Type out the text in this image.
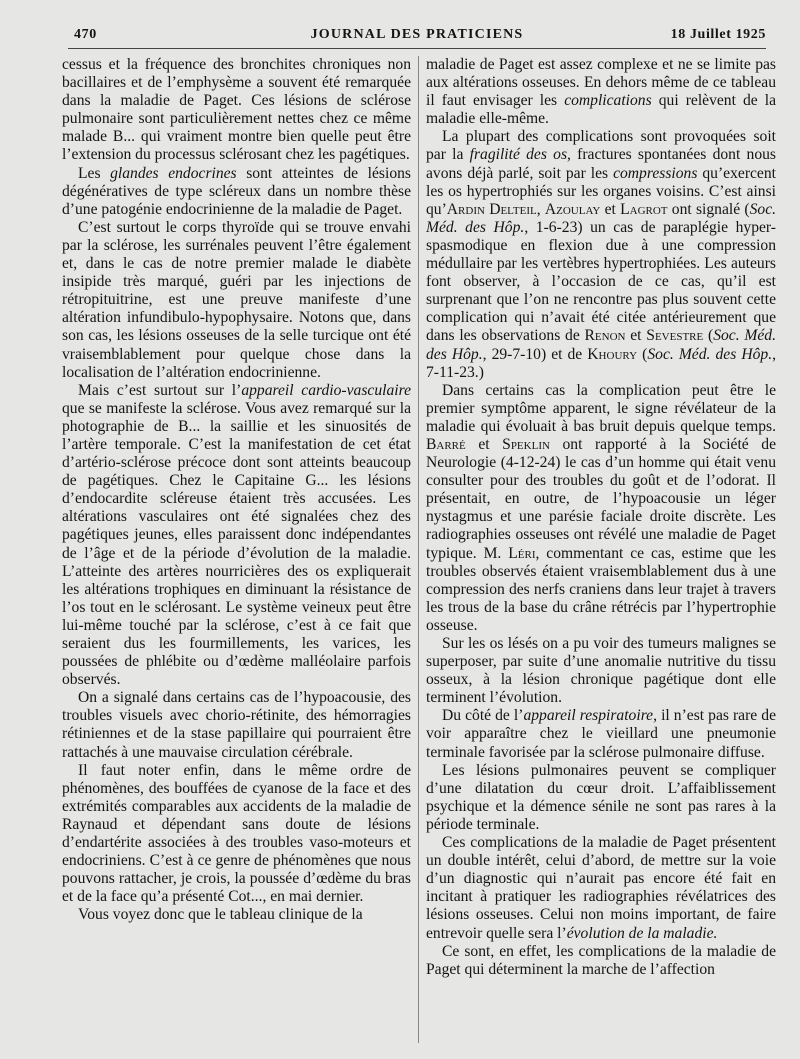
470	JOURNAL DES PRATICIENS	18 Juillet 1925

cessus et la fréquence des bronchites chroniques non bacillaires et de l’emphysème a souvent été remarquée dans la maladie de Paget. Ces lésions de sclérose pulmonaire sont particulièrement nettes chez ce même malade B... qui vraiment montre bien quelle peut être l’extension du processus sclérosant chez les pagétiques.

Les glandes endocrines sont atteintes de lésions dégénératives de type scléreux dans un nombre thèse d’une patogénie endocrinienne de la maladie de Paget.

C’est surtout le corps thyroïde qui se trouve envahi par la sclérose, les surrénales peuvent l’être également et, dans le cas de notre premier malade le diabète insipide très marqué, guéri par les injections de rétropituitrine, est une preuve manifeste d’une altération infundibulo-hypophysaire. Notons que, dans son cas, les lésions osseuses de la selle turcique ont été vraisemblablement pour quelque chose dans la localisation de l’altération endocrinienne.

Mais c’est surtout sur l’appareil cardio-vasculaire que se manifeste la sclérose. Vous avez remarqué sur la photographie de B... la saillie et les sinuosités de l’artère temporale. C’est la manifestation de cet état d’artério-sclérose précoce dont sont atteints beaucoup de pagétiques. Chez le Capitaine G... les lésions d’endocardite scléreuse étaient très accusées. Les altérations vasculaires ont été signalées chez des pagétiques jeunes, elles paraissent donc indépendantes de l’âge et de la période d’évolution de la maladie. L’atteinte des artères nourricières des os expliquerait les altérations trophiques en diminuant la résistance de l’os tout en le sclérosant. Le système veineux peut être lui-même touché par la sclérose, c’est à ce fait que seraient dus les fourmillements, les varices, les poussées de phlébite ou d’œdème malléolaire parfois observés.

On a signalé dans certains cas de l’hypoacousie, des troubles visuels avec chorio-rétinite, des hémorragies rétiniennes et de la stase papillaire qui pourraient être rattachés à une mauvaise circulation cérébrale.

Il faut noter enfin, dans le même ordre de phénomènes, des bouffées de cyanose de la face et des extrémités comparables aux accidents de la maladie de Raynaud et dépendant sans doute de lésions d’endartérite associées à des troubles vaso-moteurs et endocriniens. C’est à ce genre de phénomènes que nous pouvons rattacher, je crois, la poussée d’œdème du bras et de la face qu’a présenté Cot..., en mai dernier.

Vous voyez donc que le tableau clinique de la

maladie de Paget est assez complexe et ne se limite pas aux altérations osseuses. En dehors même de ce tableau il faut envisager les complications qui relèvent de la maladie elle-même.

La plupart des complications sont provoquées soit par la fragilité des os, fractures spontanées dont nous avons déjà parlé, soit par les compressions qu’exercent les os hypertrophiés sur les organes voisins. C’est ainsi qu’Ardin Delteil, Azoulay et Lagrot ont signalé (Soc. Méd. des Hôp., 1-6-23) un cas de paraplégie hyper-spasmodique en flexion due à une compression médullaire par les vertèbres hypertrophiées. Les auteurs font observer, à l’occasion de ce cas, qu’il est surprenant que l’on ne rencontre pas plus souvent cette complication qui n’avait été citée antérieurement que dans les observations de Renon et Sevestre (Soc. Méd. des Hôp., 29-7-10) et de Khoury (Soc. Méd. des Hôp., 7-11-23.)

Dans certains cas la complication peut être le premier symptôme apparent, le signe révélateur de la maladie qui évoluait à bas bruit depuis quelque temps. Barré et Speklin ont rapporté à la Société de Neurologie (4-12-24) le cas d’un homme qui était venu consulter pour des troubles du goût et de l’odorat. Il présentait, en outre, de l’hypoacousie un léger nystagmus et une parésie faciale droite discrète. Les radiographies osseuses ont révélé une maladie de Paget typique. M. Léri, commentant ce cas, estime que les troubles observés étaient vraisemblablement dus à une compression des nerfs craniens dans leur trajet à travers les trous de la base du crâne rétrécis par l’hypertrophie osseuse.

Sur les os lésés on a pu voir des tumeurs malignes se superposer, par suite d’une anomalie nutritive du tissu osseux, à la lésion chronique pagétique dont elle terminent l’évolution.

Du côté de l’appareil respiratoire, il n’est pas rare de voir apparaître chez le vieillard une pneumonie terminale favorisée par la sclérose pulmonaire diffuse.

Les lésions pulmonaires peuvent se compliquer d’une dilatation du cœur droit. L’affaiblissement psychique et la démence sénile ne sont pas rares à la période terminale.

Ces complications de la maladie de Paget présentent un double intérêt, celui d’abord, de mettre sur la voie d’un diagnostic qui n’aurait pas encore été fait en incitant à pratiquer les radiographies révélatrices des lésions osseuses. Celui non moins important, de faire entrevoir quelle sera l’évolution de la maladie.

Ce sont, en effet, les complications de la maladie de Paget qui déterminent la marche de l’affection
